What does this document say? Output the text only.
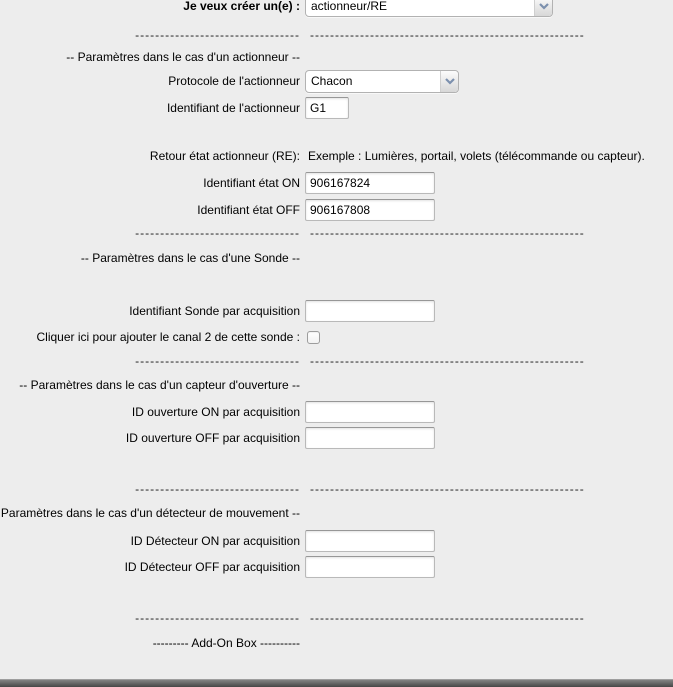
Je veux créer un(e) : actionneur/RE
--------------------------------- -------------------------------------------------------
-- Paramètres dans le cas d'un actionneur --
Protocole de l'actionneur Chacon
Identifiant de l'actionneur
G1
Retour état actionneur (RE): Exemple : Lumières, portail, volets (télécommande ou capteur).
Identifiant état ON
906167824
Identifiant état OFF
906167808
--------------------------------- -------------------------------------------------------
-- Paramètres dans le cas d'une Sonde --
Identifiant Sonde par acquisition
Cliquer ici pour ajouter le canal 2 de cette sonde :
--------------------------------- -------------------------------------------------------
-- Paramètres dans le cas d'un capteur d'ouverture --
ID ouverture ON par acquisition
ID ouverture OFF par acquisition
--------------------------------- -------------------------------------------------------
Paramètres dans le cas d'un détecteur de mouvement --
ID Détecteur ON par acquisition
ID Détecteur OFF par acquisition
--------------------------------- -------------------------------------------------------
--------- Add-On Box ----------
